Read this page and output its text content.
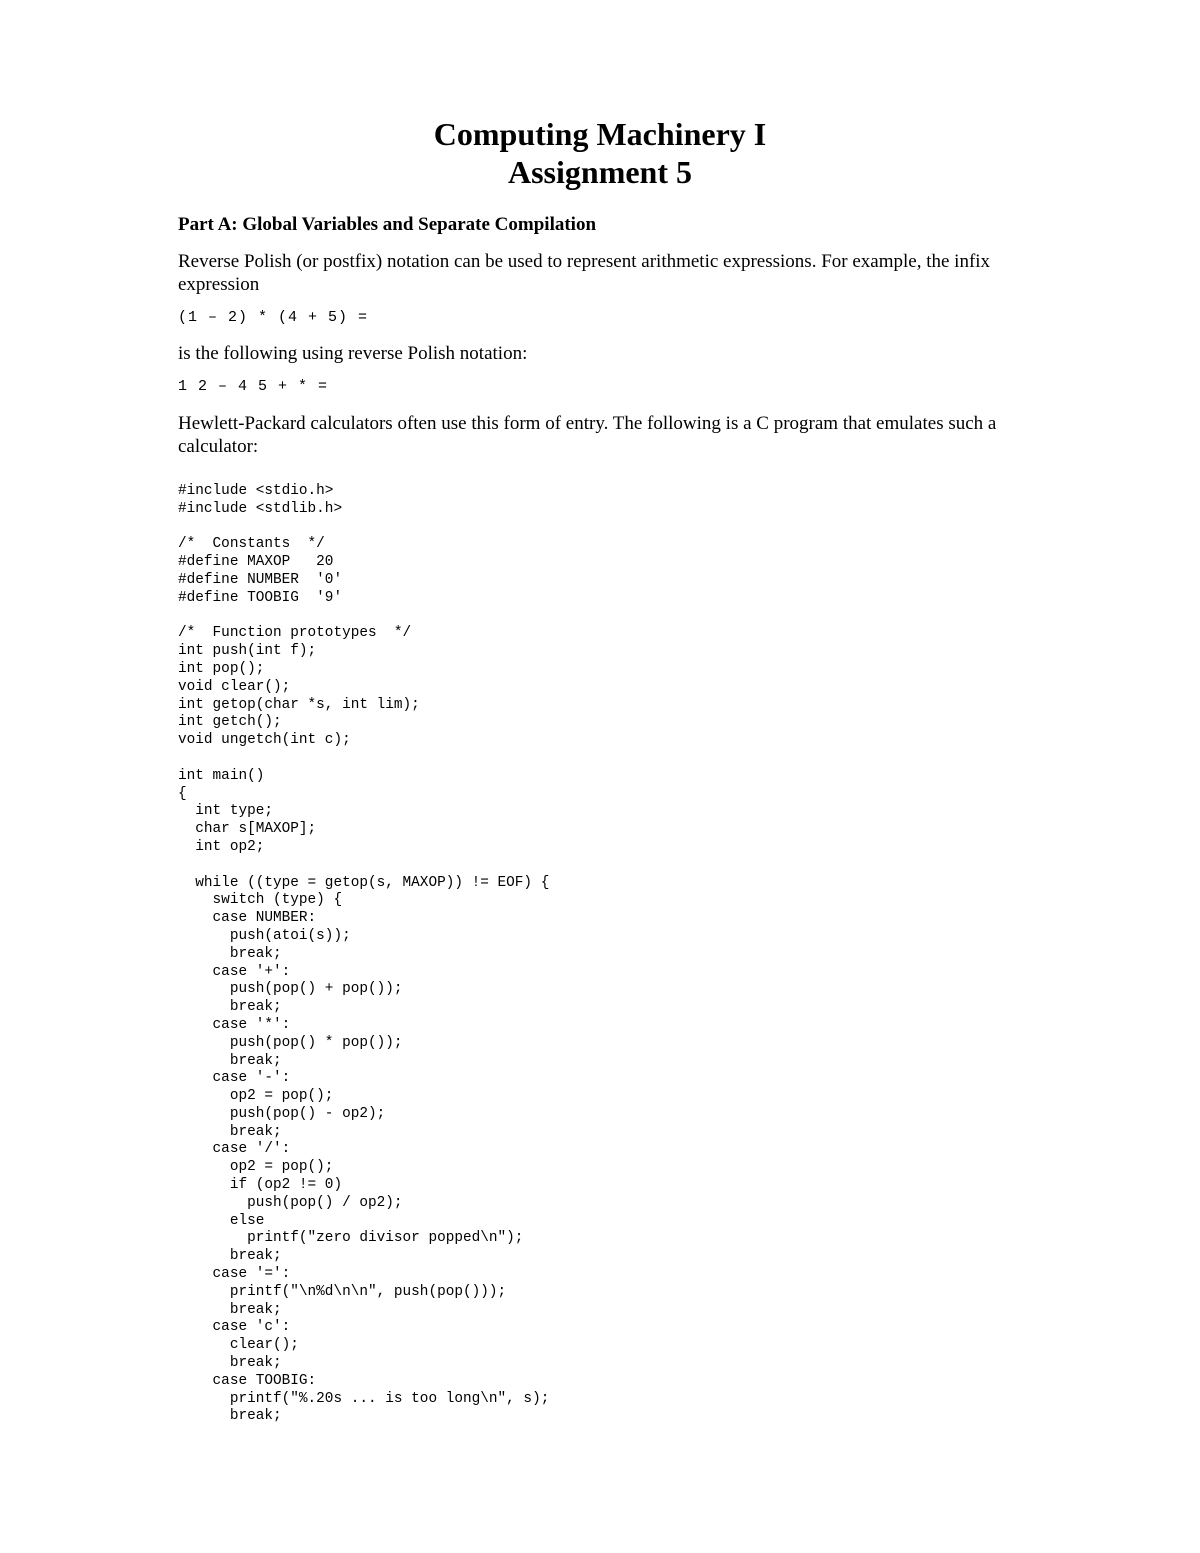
Computing Machinery I
Assignment 5
Part A: Global Variables and Separate Compilation

Reverse Polish (or postfix) notation can be used to represent arithmetic expressions. For example, the infix expression

(1 – 2) * (4 + 5) =

is the following using reverse Polish notation:

1 2 – 4 5 + * =

Hewlett-Packard calculators often use this form of entry. The following is a C program that emulates such a calculator:

#include <stdio.h>
#include <stdlib.h>
/*  Constants  */
#define MAXOP   20
#define NUMBER  '0'
#define TOOBIG  '9'
/*  Function prototypes  */
int push(int f);
int pop();
void clear();
int getop(char *s, int lim);
int getch();
void ungetch(int c);
int main()
{
int type;
char s[MAXOP];
int op2;
while ((type = getop(s, MAXOP)) != EOF) {
switch (type) {
case NUMBER:
push(atoi(s));
break;
case '+':
push(pop() + pop());
break;
case '*':
push(pop() * pop());
break;
case '-':
op2 = pop();
push(pop() - op2);
break;
case '/':
op2 = pop();
if (op2 != 0)
push(pop() / op2);
else
printf("zero divisor popped\n");
break;
case '=':
printf("\n%d\n\n", push(pop()));
break;
case 'c':
clear();
break;
case TOOBIG:
printf("%.20s ... is too long\n", s);
break;
